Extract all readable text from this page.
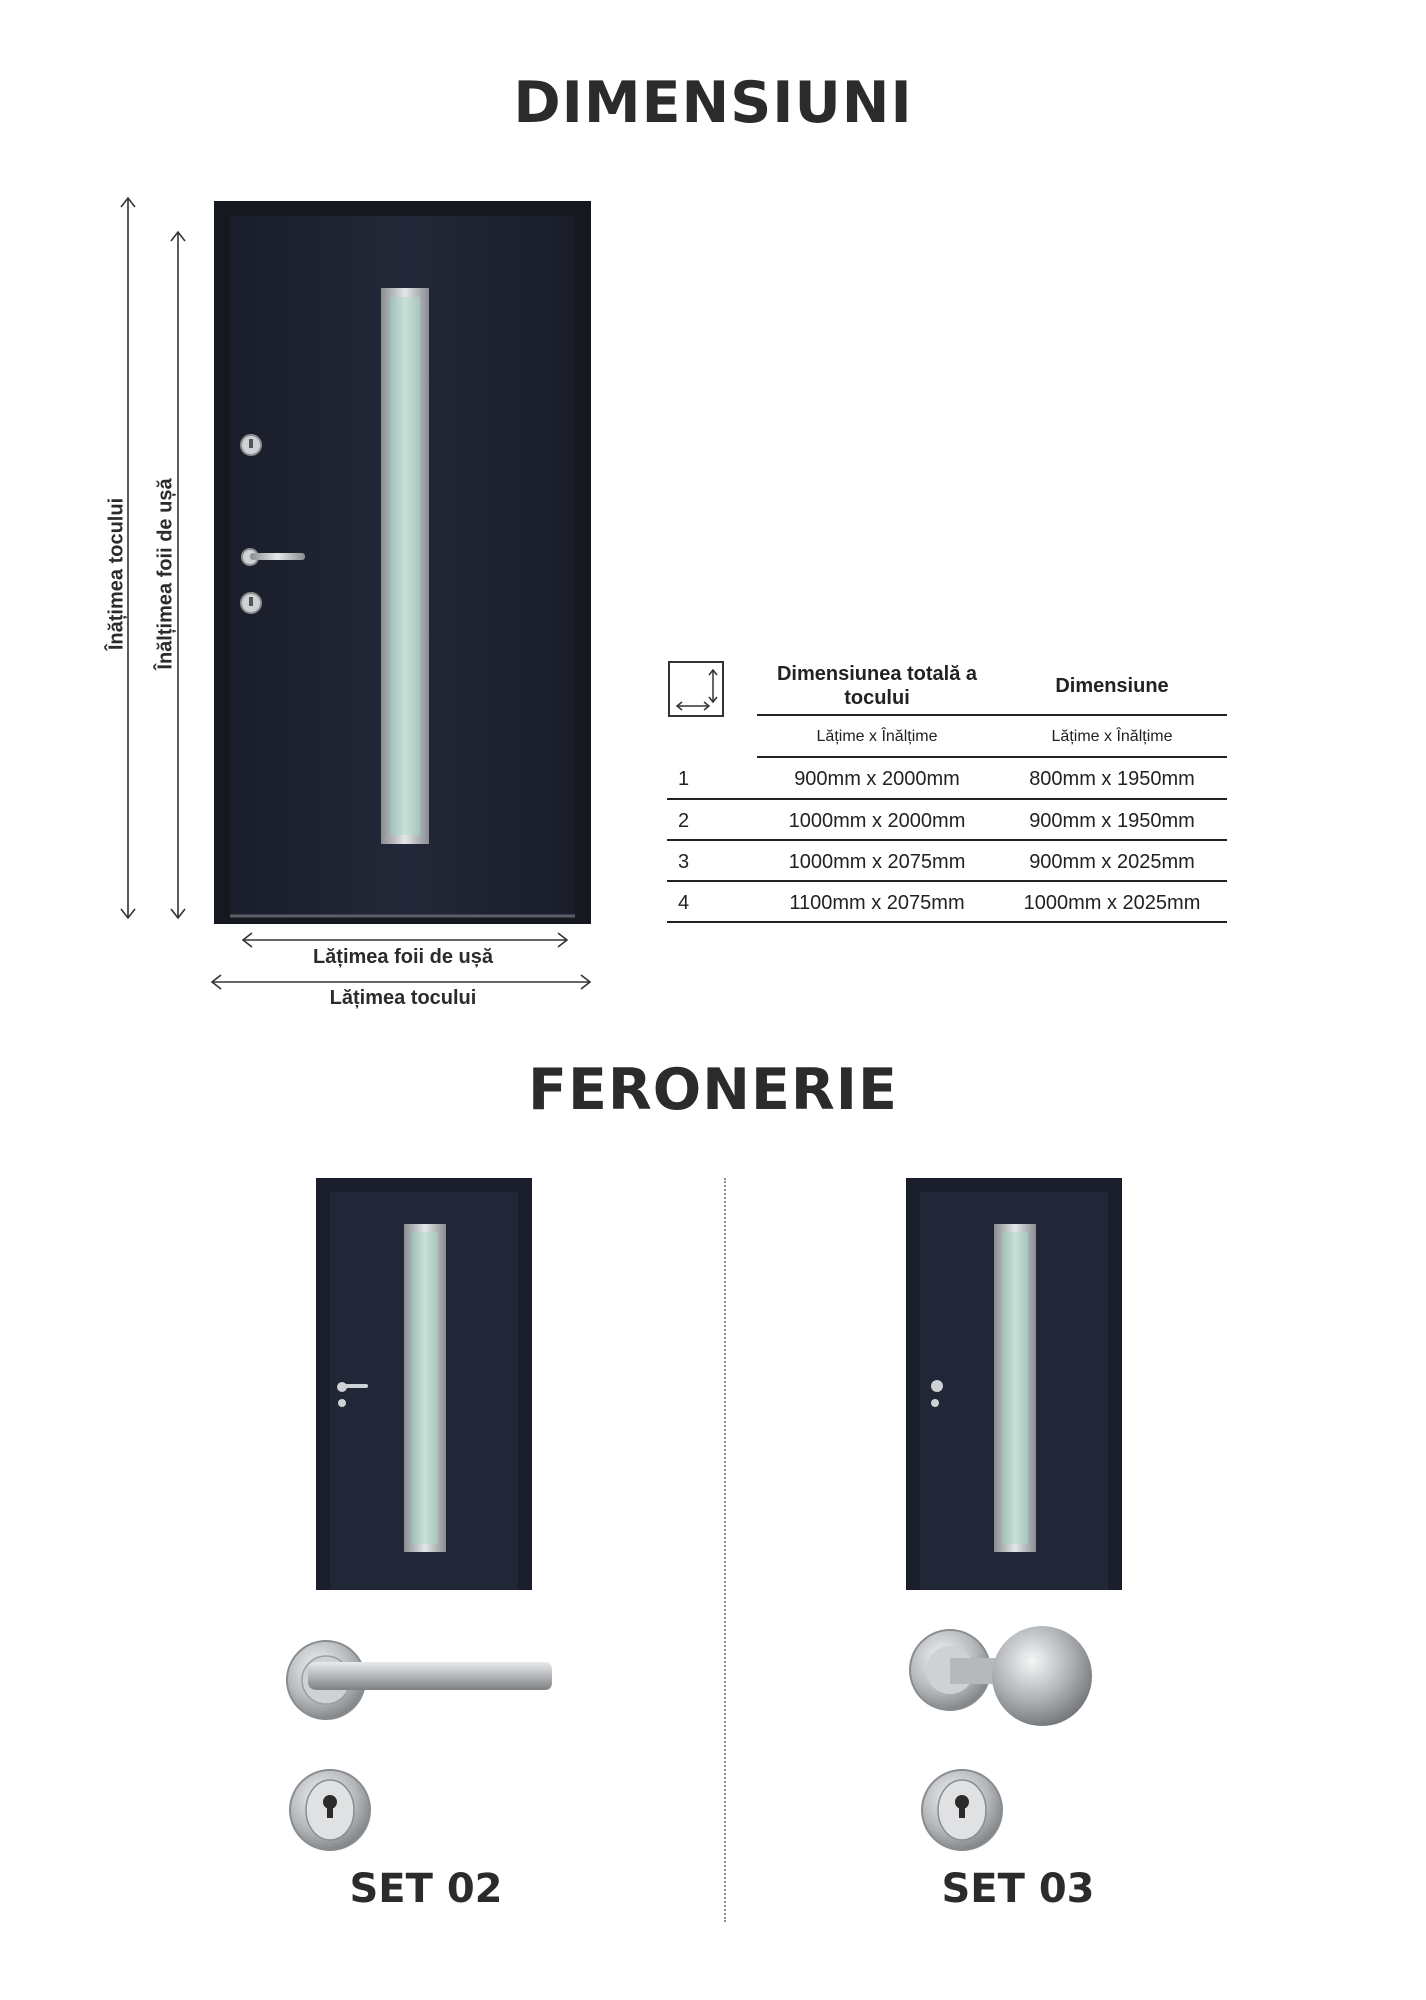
DIMENSIUNI
Înățimea tocului Înălțimea foii de ușă
Lățimea foii de ușă
Lățimea tocului
Dimensiunea totală a tocului
Dimensiune
Lățime x Înălțime	Lățime x Înălțime
1	900mm x 2000mm	800mm x 1950mm
2	1000mm x 2000mm	900mm x 1950mm
3	1000mm x 2075mm	900mm x 2025mm
4	1100mm x 2075mm	1000mm x 2025mm
FERONERIE
SET 02	SET 03
